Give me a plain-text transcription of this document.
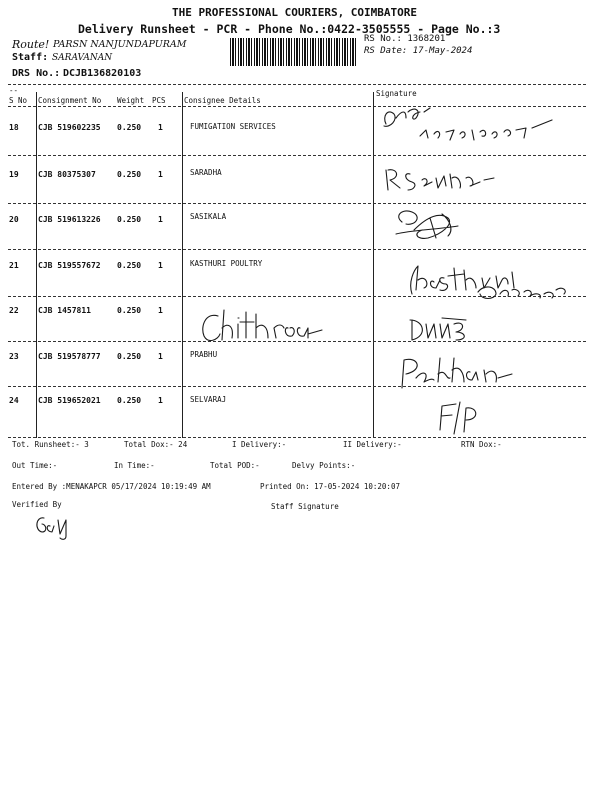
THE PROFESSIONAL COURIERS, COIMBATORE
Delivery Runsheet - PCR - Phone No.:0422-3505555 - Page No.:3
Route! PARSN NANJUNDAPURAM
Staff: SARAVANAN
DRS No.: DCJB136820103
RS No.: 1368201
RS Date: 17-May-2024
--
S No Consignment No Weight PCS Consignee Details
Signature
18 CJB 519602235 0.250 1	FUMIGATION SERVICES
19 CJB 80375307	0.250 1	SARADHA
20 CJB 519613226 0.250 1	SASIKALA
21 CJB 519557672 0.250 1	KASTHURI POULTRY
22 CJB 1457811	0.250 1
23 CJB 519578777 0.250 1	PRABHU
24 CJB 519652021 0.250 1	SELVARAJ
Tot. Runsheet:- 3	Total Dox:- 24	I Delivery:-	II Delivery:-	RTN Dox:-
Out Time:-	In Time:-	Total POD:-	Delvy Points:-
Entered By :MENAKAPCR 05/17/2024 10:19:49 AM	Printed On: 17-05-2024 10:20:07
Verified By	Staff Signature
